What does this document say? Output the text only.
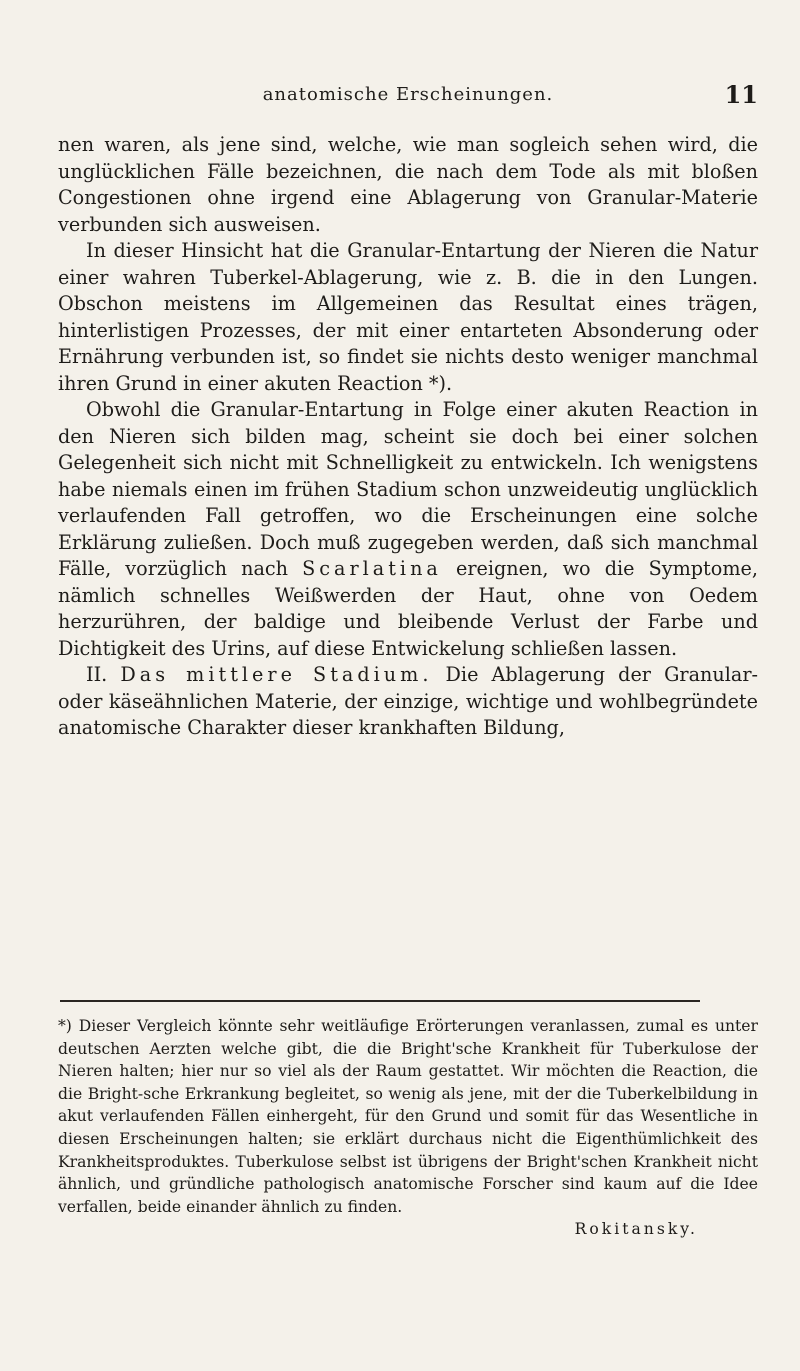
anatomische Erscheinungen.	11

nen waren, als jene sind, welche, wie man sogleich sehen wird, die unglücklichen Fälle bezeichnen, die nach dem Tode als mit bloßen Congestionen ohne irgend eine Ablagerung von Granular-Materie verbunden sich ausweisen.

In dieser Hinsicht hat die Granular-Entartung der Nieren die Natur einer wahren Tuberkel-Ablagerung, wie z. B. die in den Lungen. Obschon meistens im Allgemeinen das Resultat eines trägen, hinterlistigen Prozesses, der mit einer entarteten Absonderung oder Ernährung verbunden ist, so findet sie nichts desto weniger manchmal ihren Grund in einer akuten Reaction *).

Obwohl die Granular-Entartung in Folge einer akuten Reaction in den Nieren sich bilden mag, scheint sie doch bei einer solchen Gelegenheit sich nicht mit Schnelligkeit zu entwickeln. Ich wenigstens habe niemals einen im frühen Stadium schon unzweideutig unglücklich verlaufenden Fall getroffen, wo die Erscheinungen eine solche Erklärung zuließen. Doch muß zugegeben werden, daß sich manchmal Fälle, vorzüglich nach Scarlatina ereignen, wo die Symptome, nämlich schnelles Weißwerden der Haut, ohne von Oedem herzurühren, der baldige und bleibende Verlust der Farbe und Dichtigkeit des Urins, auf diese Entwickelung schließen lassen.

II. Das mittlere Stadium. Die Ablagerung der Granular- oder käseähnlichen Materie, der einzige, wichtige und wohlbegründete anatomische Charakter dieser krankhaften Bildung,

*) Dieser Vergleich könnte sehr weitläufige Erörterungen veranlassen, zumal es unter deutschen Aerzten welche gibt, die die Bright'sche Krankheit für Tuberkulose der Nieren halten; hier nur so viel als der Raum gestattet. Wir möchten die Reaction, die die Bright-sche Erkrankung begleitet, so wenig als jene, mit der die Tuberkelbildung in akut verlaufenden Fällen einhergeht, für den Grund und somit für das Wesentliche in diesen Erscheinungen halten; sie erklärt durchaus nicht die Eigenthümlichkeit des Krankheitsproduktes. Tuberkulose selbst ist übrigens der Bright'schen Krankheit nicht ähnlich, und gründliche pathologisch anatomische Forscher sind kaum auf die Idee verfallen, beide einander ähnlich zu finden.

Rokitansky.
